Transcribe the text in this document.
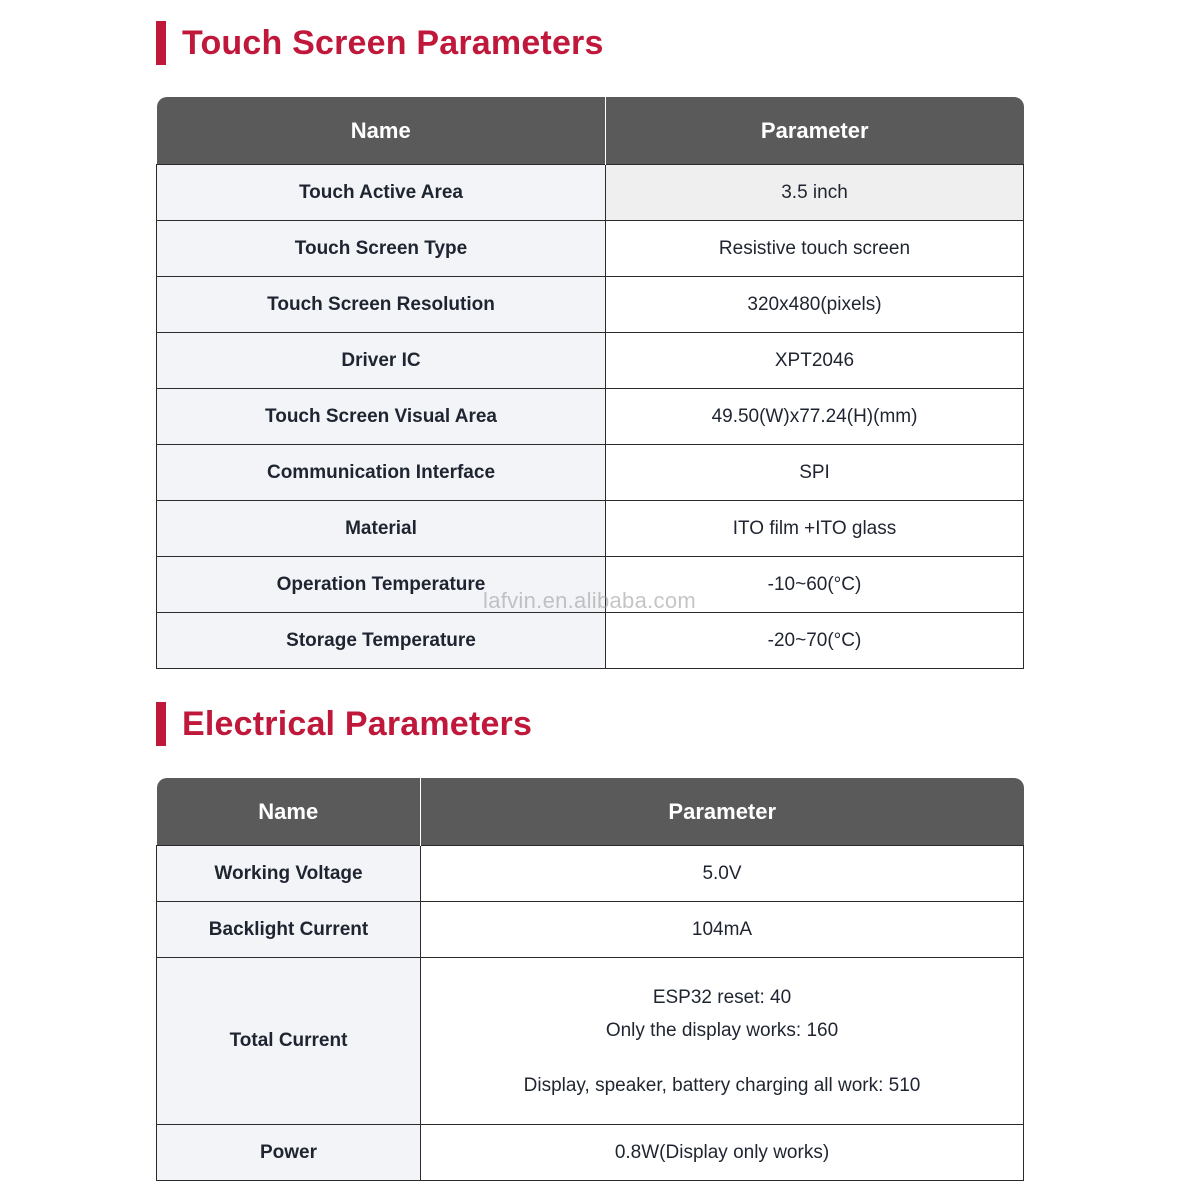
Touch Screen Parameters
Name	Parameter
Touch Active Area	3.5 inch
Touch Screen Type	Resistive touch screen
Touch Screen Resolution	320x480(pixels)
Driver IC	XPT2046
Touch Screen Visual Area	49.50(W)x77.24(H)(mm)
Communication Interface	SPI
Material	ITO film +ITO glass
Operation Temperature	-10~60(°C)
Storage Temperature	-20~70(°C)
lafvin.en.alibaba.com
Electrical Parameters
Name	Parameter
Working Voltage	5.0V
Backlight Current	104mA
Total Current	ESP32 reset: 40
Only the display works: 160
Display, speaker, battery charging all work: 510

Power	0.8W(Display only works)
